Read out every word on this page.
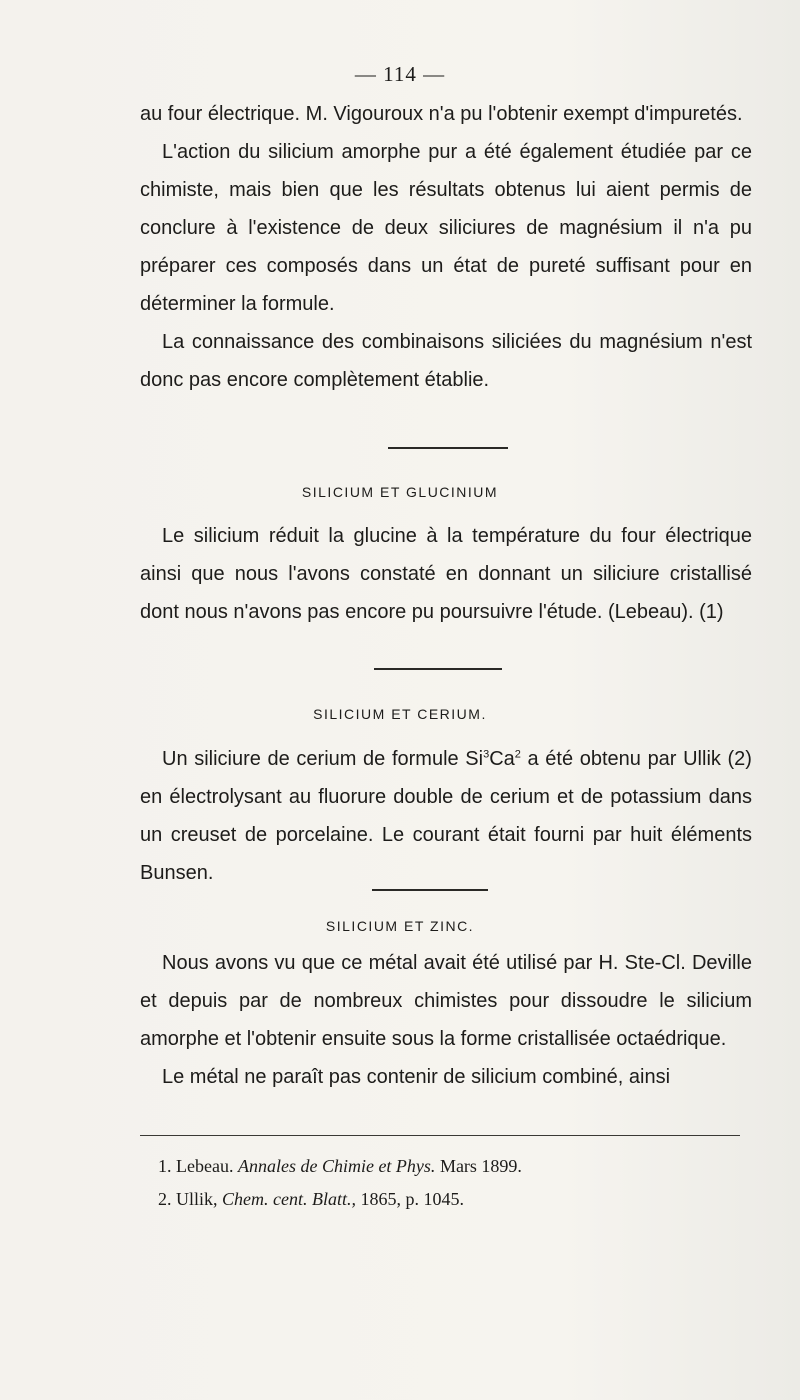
— 114 —

au four électrique. M. Vigouroux n'a pu l'obtenir exempt d'impuretés.

L'action du silicium amorphe pur a été également étudiée par ce chimiste, mais bien que les résultats obtenus lui aient permis de conclure à l'existence de deux siliciures de magnésium il n'a pu préparer ces composés dans un état de pureté suffisant pour en déterminer la formule.

La connaissance des combinaisons siliciées du magnésium n'est donc pas encore complètement établie.

SILICIUM ET GLUCINIUM

Le silicium réduit la glucine à la température du four électrique ainsi que nous l'avons constaté en donnant un siliciure cristallisé dont nous n'avons pas encore pu poursuivre l'étude. (Lebeau). (1)

SILICIUM ET CERIUM.

Un siliciure de cerium de formule Si$^3$Ca$^2$ a été obtenu par Ullik (2) en électrolysant au fluorure double de cerium et de potassium dans un creuset de porcelaine. Le courant était fourni par huit éléments Bunsen.

SILICIUM ET ZINC.

Nous avons vu que ce métal avait été utilisé par H. Ste-Cl. Deville et depuis par de nombreux chimistes pour dissoudre le silicium amorphe et l'obtenir ensuite sous la forme cristallisée octaédrique.

Le métal ne paraît pas contenir de silicium combiné, ainsi

1. Lebeau. Annales de Chimie et Phys. Mars 1899.
2. Ullik, Chem. cent. Blatt., 1865, p. 1045.
